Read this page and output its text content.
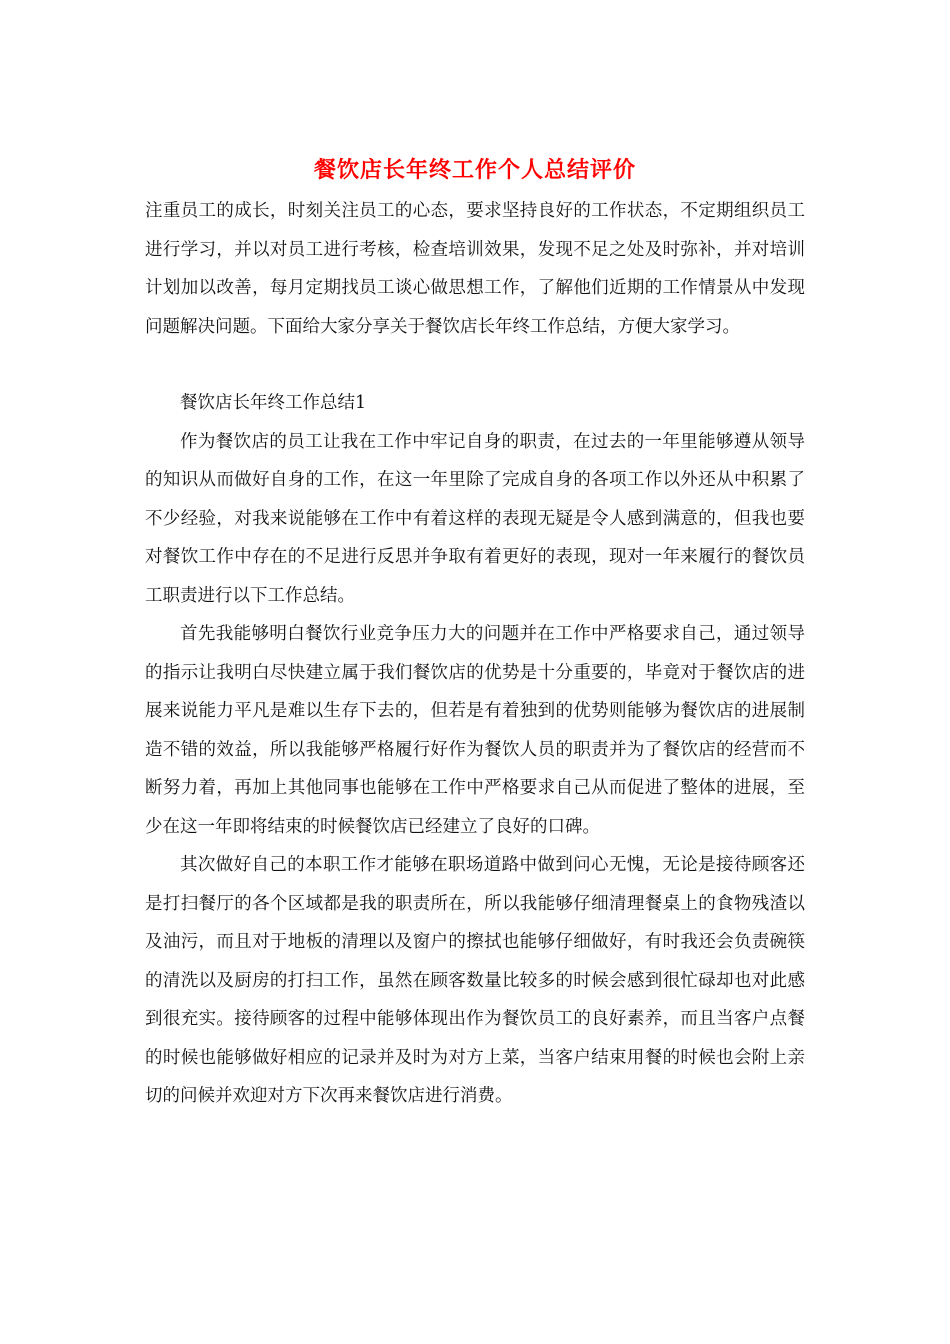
餐饮店长年终工作个人总结评价

注重员工的成长，时刻关注员工的心态，要求坚持良好的工作状态，不定期组织员工进行学习，并以对员工进行考核，检查培训效果，发现不足之处及时弥补，并对培训计划加以改善，每月定期找员工谈心做思想工作，了解他们近期的工作情景从中发现问题解决问题。下面给大家分享关于餐饮店长年终工作总结，方便大家学习。

餐饮店长年终工作总结1

作为餐饮店的员工让我在工作中牢记自身的职责，在过去的一年里能够遵从领导的知识从而做好自身的工作，在这一年里除了完成自身的各项工作以外还从中积累了不少经验，对我来说能够在工作中有着这样的表现无疑是令人感到满意的，但我也要对餐饮工作中存在的不足进行反思并争取有着更好的表现，现对一年来履行的餐饮员工职责进行以下工作总结。

首先我能够明白餐饮行业竞争压力大的问题并在工作中严格要求自己，通过领导的指示让我明白尽快建立属于我们餐饮店的优势是十分重要的，毕竟对于餐饮店的进展来说能力平凡是难以生存下去的，但若是有着独到的优势则能够为餐饮店的进展制造不错的效益，所以我能够严格履行好作为餐饮人员的职责并为了餐饮店的经营而不断努力着，再加上其他同事也能够在工作中严格要求自己从而促进了整体的进展，至少在这一年即将结束的时候餐饮店已经建立了良好的口碑。

其次做好自己的本职工作才能够在职场道路中做到问心无愧，无论是接待顾客还是打扫餐厅的各个区域都是我的职责所在，所以我能够仔细清理餐桌上的食物残渣以及油污，而且对于地板的清理以及窗户的擦拭也能够仔细做好，有时我还会负责碗筷的清洗以及厨房的打扫工作，虽然在顾客数量比较多的时候会感到很忙碌却也对此感到很充实。接待顾客的过程中能够体现出作为餐饮员工的良好素养，而且当客户点餐的时候也能够做好相应的记录并及时为对方上菜，当客户结束用餐的时候也会附上亲切的问候并欢迎对方下次再来餐饮店进行消费。
